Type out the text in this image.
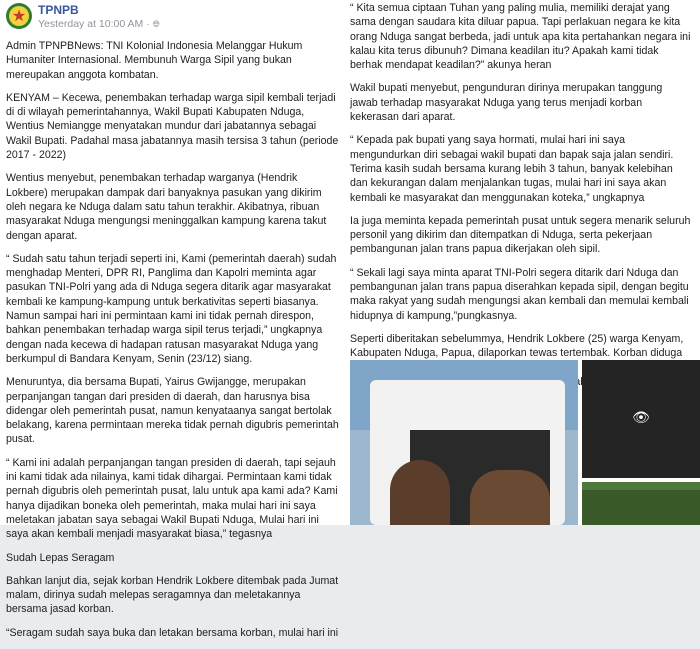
★ TPNPB
Yesterday at 10:00 AM · 🌐︎

Admin TPNPBNews: TNI Kolonial Indonesia Melanggar Hukum Humaniter Internasional. Membunuh Warga Sipil yang bukan mereupakan anggota kombatan.

KENYAM – Kecewa, penembakan terhadap warga sipil kembali terjadi di di wilayah pemerintahannya, Wakil Bupati Kabupaten Nduga, Wentius Nemiangge menyatakan mundur dari jabatannya sebagai Wakil Bupati. Padahal masa jabatannya masih tersisa 3 tahun (periode 2017 - 2022)

Wentius menyebut, penembakan terhadap warganya (Hendrik Lokbere) merupakan dampak dari banyaknya pasukan yang dikirim oleh negara ke Nduga dalam satu tahun terakhir. Akibatnya, ribuan masyarakat Nduga mengungsi meninggalkan kampung karena takut dengan aparat.

“ Sudah satu tahun terjadi seperti ini, Kami (pemerintah daerah) sudah menghadap Menteri, DPR RI, Panglima dan Kapolri meminta agar pasukan TNI-Polri yang ada di Nduga segera ditarik agar masyarakat kembali ke kampung-kampung untuk berkativitas seperti biasanya. Namun sampai hari ini permintaan kami ini tidak pernah direspon, bahkan penembakan terhadap warga sipil terus terjadi,” ungkapnya dengan nada kecewa di hadapan ratusan masyarakat Nduga yang berkumpul di Bandara Kenyam, Senin (23/12) siang.

Menuruntya, dia bersama Bupati, Yairus Gwijangge, merupakan perpanjangan tangan dari presiden di daerah, dan harusnya bisa didengar oleh pemerintah pusat, namun kenyataanya sangat bertolak belakang, karena permintaan mereka tidak pernah digubris pemerintah pusat.

“ Kami ini adalah perpanjangan tangan presiden di daerah, tapi sejauh ini kami tidak ada nilainya, kami tidak dihargai. Permintaan kami tidak pernah digubris oleh pemerintah pusat, lalu untuk apa kami ada? Kami hanya dijadikan boneka oleh pemerintah, maka mulai hari ini saya meletakan jabatan saya sebagai Wakil Bupati Nduga, Mulai hari ini saya akan kembali menjadi masyarakat biasa,” tegasnya

Sudah Lepas Seragam

Bahkan lanjut dia, sejak korban Hendrik Lokbere ditembak pada Jumat malam, dirinya sudah melepas seragamnya dan meletakannya bersama jasad korban.

“Seragam sudah saya buka dan letakan bersama korban, mulai hari ini

“ Kita semua ciptaan Tuhan yang paling mulia, memiliki derajat yang sama dengan saudara kita diluar papua. Tapi perlakuan negara ke kita orang Nduga sangat berbeda, jadi untuk apa kita pertahankan negara ini kalau kita terus dibunuh? Dimana keadilan itu? Apakah kami tidak berhak mendapat keadilan?” akunya heran

Wakil bupati menyebut, pengunduran dirinya merupakan tanggung jawab terhadap masyarakat Nduga yang terus menjadi korban kekerasan dari aparat.

“ Kepada pak bupati yang saya hormati, mulai hari ini saya mengundurkan diri sebagai wakil bupati dan bapak saja jalan sendiri. Terima kasih sudah bersama kurang lebih 3 tahun, banyak kelebihan dan kekurangan dalam menjalankan tugas, mulai hari ini saya akan kembali ke masyarakat dan menggunakan koteka,” ungkapnya

Ia juga meminta kepada pemerintah pusat untuk segera menarik seluruh personil yang dikirim dan ditempatkan di Nduga, serta pekerjaan pembangunan jalan trans papua dikerjakan oleh sipil.

“ Sekali lagi saya minta aparat TNI-Polri segera ditarik dari Nduga dan pembangunan jalan trans papua diserahkan kepada sipil, dengan begitu maka rakyat yang sudah mengungsi akan kembali dan memulai kembali hidupnya di kampung,”pungkasnya.

Seperti diberitakan sebelummya, Hendrik Lokbere (25) warga Kenyam, Kabupaten Nduga, Papua, dilaporkan tewas tertembak. Korban diduga

👁︎
